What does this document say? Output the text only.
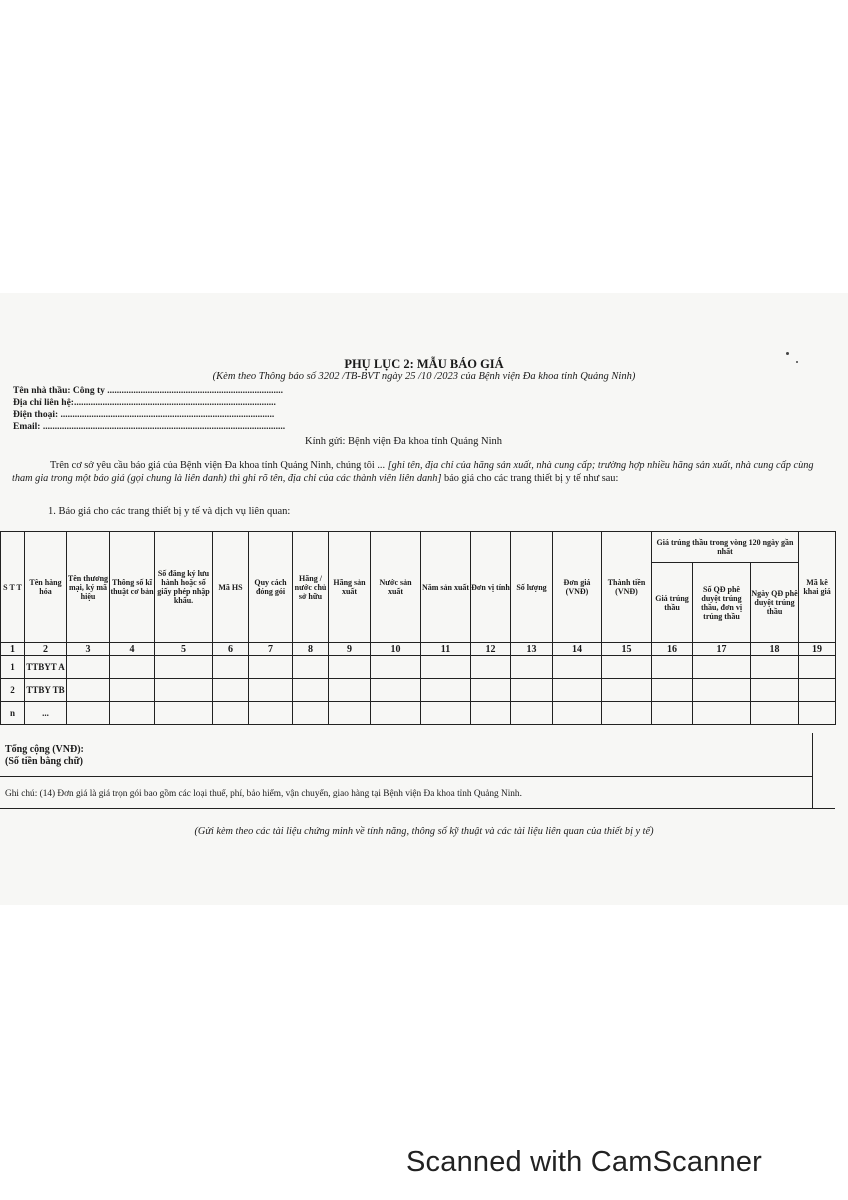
PHỤ LỤC 2: MẪU BÁO GIÁ
(Kèm theo Thông báo số 3202 /TB-BVT ngày 25 /10 /2023 của Bệnh viện Đa khoa tỉnh Quảng Ninh)
Tên nhà thầu: Công ty ..........................................................................
Địa chỉ liên hệ:.....................................................................................
Điện thoại: ..........................................................................................
Email: ......................................................................................................
Kính gửi: Bệnh viện Đa khoa tỉnh Quảng Ninh
Trên cơ sở yêu cầu báo giá của Bệnh viện Đa khoa tỉnh Quảng Ninh, chúng tôi ... [ghi tên, địa chỉ của hãng sản xuất, nhà cung cấp; trường hợp nhiều hãng sản xuất, nhà cung cấp cùng tham gia trong một báo giá (gọi chung là liên danh) thì ghi rõ tên, địa chỉ của các thành viên liên danh] báo giá cho các trang thiết bị y tế như sau:
1. Báo giá cho các trang thiết bị y tế và dịch vụ liên quan:
S T T	Tên hàng hóa	Tên thương mại, ký mã hiệu	Thông số kĩ thuật cơ bản	Số đăng ký lưu hành hoặc số giấy phép nhập khẩu.	Mã HS	Quy cách đóng gói	Hãng / nước chủ sở hữu	Hãng sản xuất	Nước sản xuất	Năm sản xuất	Đơn vị tính	Số lượng	Đơn giá (VNĐ)	Thành tiền (VNĐ)	Giá trúng thầu trong vòng 120 ngày gần nhất			Mã kê khai giá
															Giá trúng thầu	Số QĐ phê duyệt trúng thầu, đơn vị trúng thầu	Ngày QĐ phê duyệt trúng thầu	
1	2	3	4	5	6	7	8	9	10	11	12	13	14	15	16	17	18	19
1	TTBYT A																	
2	TTBY TB																	
n	...																	
Tổng cộng (VNĐ):
(Số tiền bằng chữ)
Ghi chú: (14) Đơn giá là giá trọn gói bao gồm các loại thuế, phí, bảo hiểm, vận chuyển, giao hàng tại Bệnh viện Đa khoa tỉnh Quảng Ninh.
(Gửi kèm theo các tài liệu chứng minh về tính năng, thông số kỹ thuật và các tài liệu liên quan của thiết bị y tế)
Scanned with CamScanner
